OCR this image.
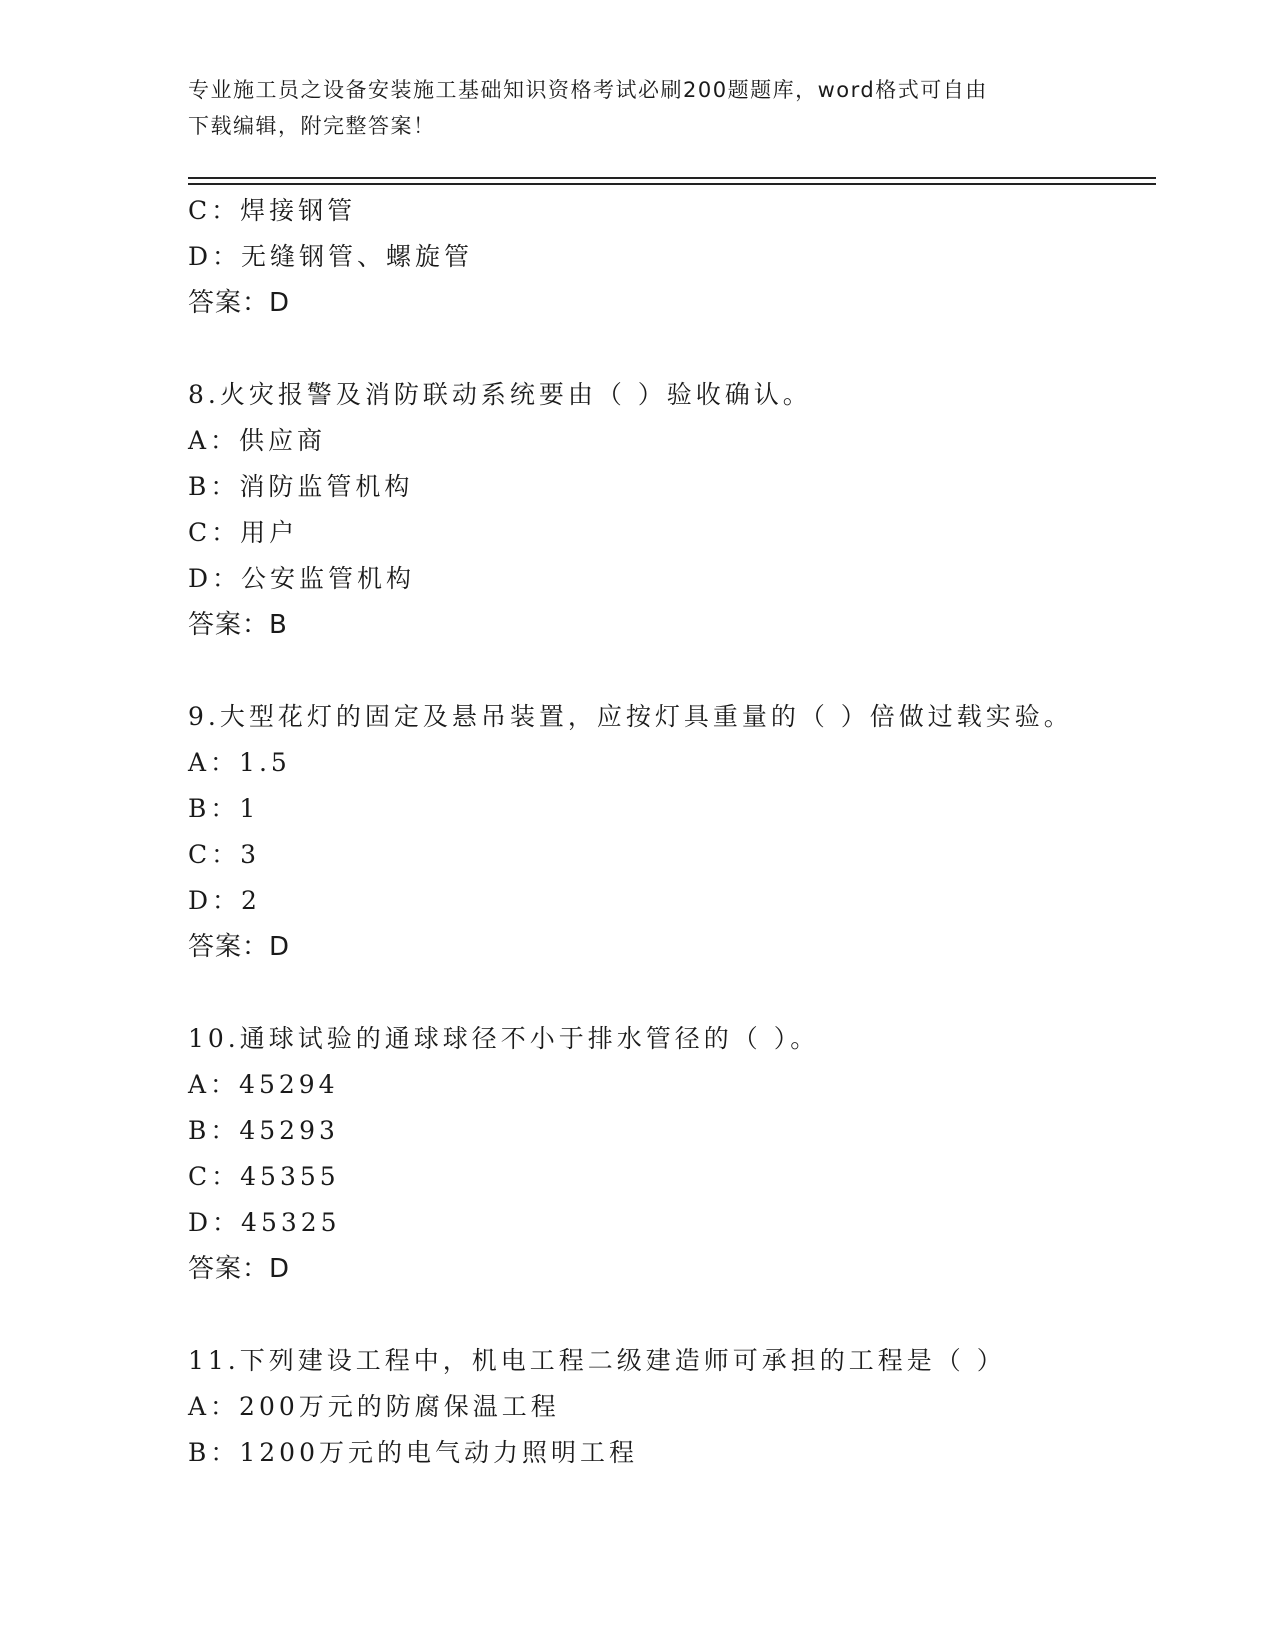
专业施工员之设备安装施工基础知识资格考试必刷200题题库，word格式可自由
下载编辑，附完整答案！
C：焊接钢管
D：无缝钢管、螺旋管
答案：D
8.火灾报警及消防联动系统要由（ ）验收确认。
A：供应商
B：消防监管机构
C：用户
D：公安监管机构
答案：B
9.大型花灯的固定及悬吊装置，应按灯具重量的（ ）倍做过载实验。
A：1.5
B：1
C：3
D：2
答案：D
10.通球试验的通球球径不小于排水管径的（ ）。
A：45294
B：45293
C：45355
D：45325
答案：D
11.下列建设工程中，机电工程二级建造师可承担的工程是（ ）
A：200万元的防腐保温工程
B：1200万元的电气动力照明工程
